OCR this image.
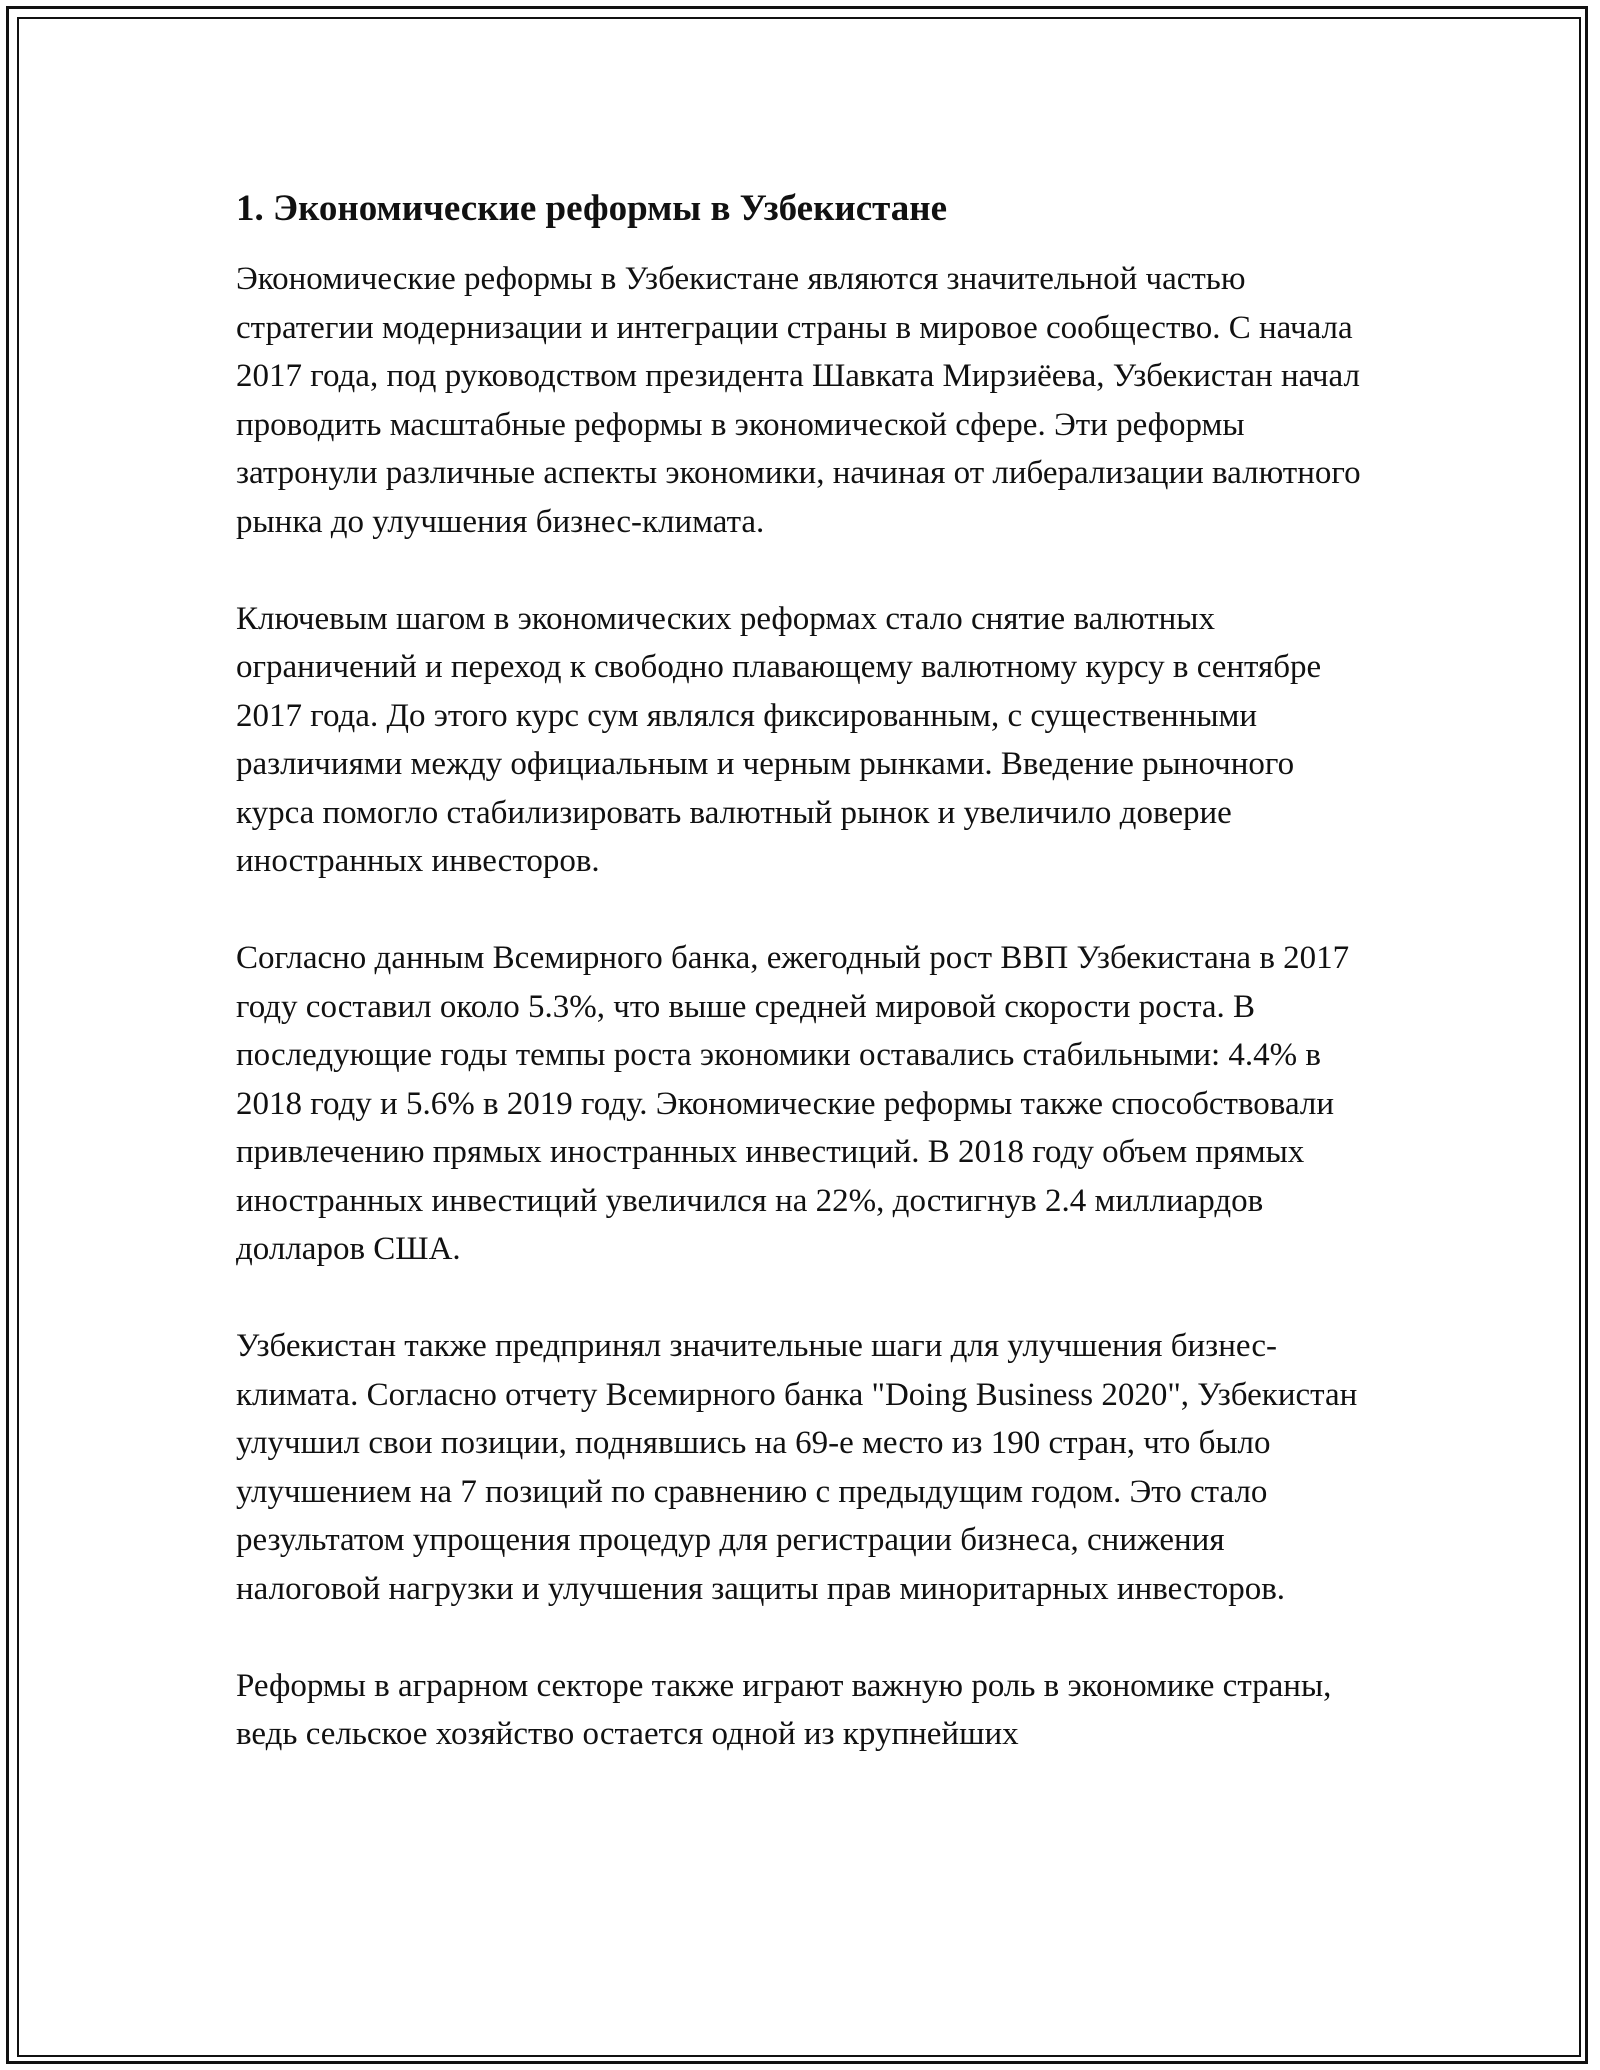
1. Экономические реформы в Узбекистане

Экономические реформы в Узбекистане являются значительной частью стратегии модернизации и интеграции страны в мировое сообщество. С начала 2017 года, под руководством президента Шавката Мирзиёева, Узбекистан начал проводить масштабные реформы в экономической сфере. Эти реформы затронули различные аспекты экономики, начиная от либерализации валютного рынка до улучшения бизнес-климата.

Ключевым шагом в экономических реформах стало снятие валютных ограничений и переход к свободно плавающему валютному курсу в сентябре 2017 года. До этого курс сум являлся фиксированным, с существенными различиями между официальным и черным рынками. Введение рыночного курса помогло стабилизировать валютный рынок и увеличило доверие иностранных инвесторов.

Согласно данным Всемирного банка, ежегодный рост ВВП Узбекистана в 2017 году составил около 5.3%, что выше средней мировой скорости роста. В последующие годы темпы роста экономики оставались стабильными: 4.4% в 2018 году и 5.6% в 2019 году. Экономические реформы также способствовали привлечению прямых иностранных инвестиций. В 2018 году объем прямых иностранных инвестиций увеличился на 22%, достигнув 2.4 миллиардов долларов США.

Узбекистан также предпринял значительные шаги для улучшения бизнес-климата. Согласно отчету Всемирного банка "Doing Business 2020", Узбекистан улучшил свои позиции, поднявшись на 69-е место из 190 стран, что было улучшением на 7 позиций по сравнению с предыдущим годом. Это стало результатом упрощения процедур для регистрации бизнеса, снижения налоговой нагрузки и улучшения защиты прав миноритарных инвесторов.

Реформы в аграрном секторе также играют важную роль в экономике страны, ведь сельское хозяйство остается одной из крупнейших
